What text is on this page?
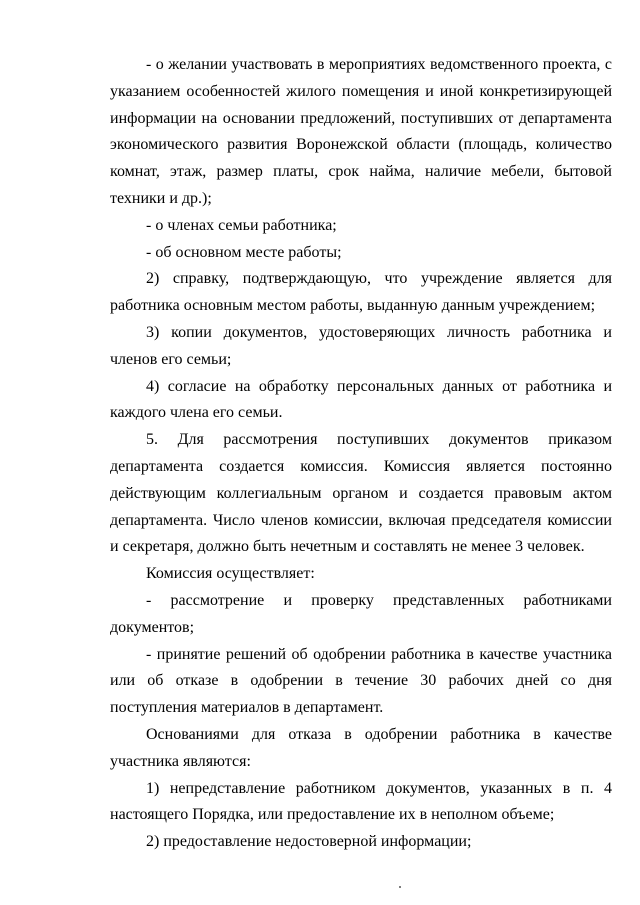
- о желании участвовать в мероприятиях ведомственного проекта, с указанием особенностей жилого помещения и иной конкретизирующей информации на основании предложений, поступивших от департамента экономического развития Воронежской области (площадь, количество комнат, этаж, размер платы, срок найма, наличие мебели, бытовой техники и др.);

- о членах семьи работника;

- об основном месте работы;

2) справку, подтверждающую, что учреждение является для работника основным местом работы, выданную данным учреждением;

3) копии документов, удостоверяющих личность работника и членов его семьи;

4) согласие на обработку персональных данных от работника и каждого члена его семьи.

5. Для рассмотрения поступивших документов приказом департамента создается комиссия. Комиссия является постоянно действующим коллегиальным органом и создается правовым актом департамента. Число членов комиссии, включая председателя комиссии и секретаря, должно быть нечетным и составлять не менее 3 человек.

Комиссия осуществляет:

- рассмотрение и проверку представленных работниками документов;

- принятие решений об одобрении работника в качестве участника или об отказе в одобрении в течение 30 рабочих дней со дня поступления материалов в департамент.

Основаниями для отказа в одобрении работника в качестве участника являются:

1) непредставление работником документов, указанных в п. 4 настоящего Порядка, или предоставление их в неполном объеме;

2) предоставление недостоверной информации;
